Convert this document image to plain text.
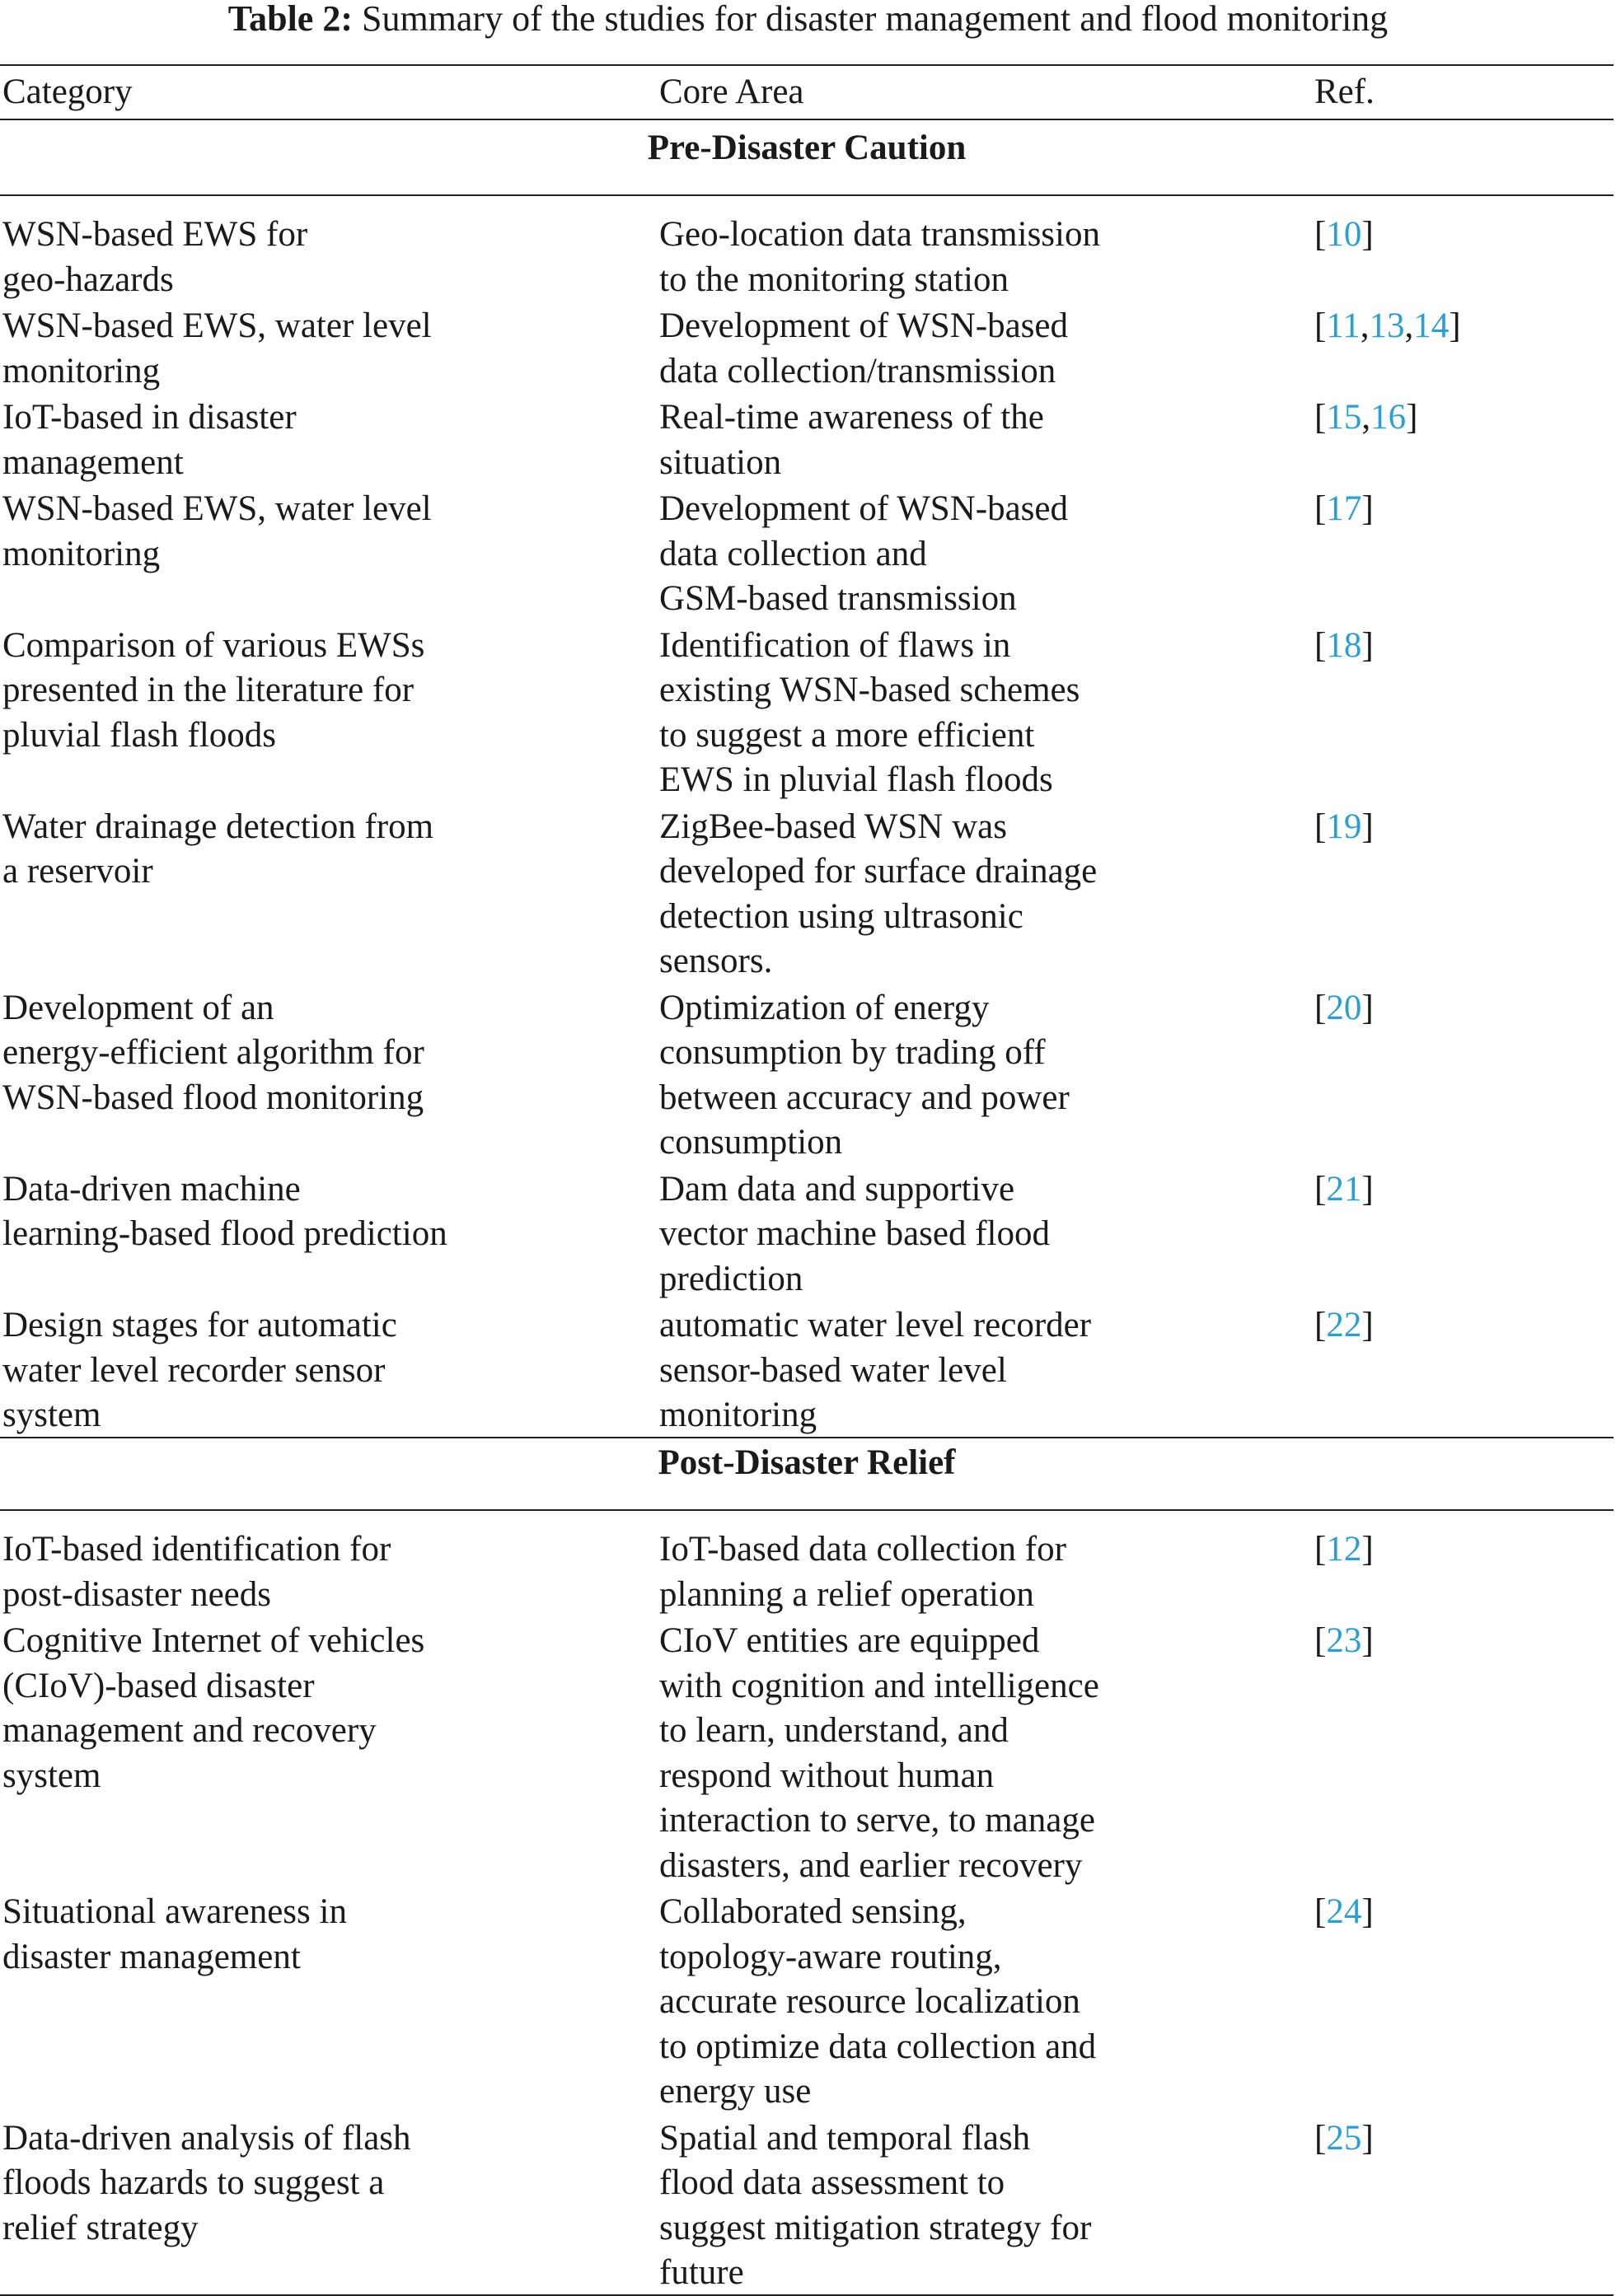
Table 2: Summary of the studies for disaster management and flood monitoring
Category	Core Area	Ref.
Pre-Disaster Caution
WSN-based EWS for
geo-hazards
Geo-location data transmission
to the monitoring station
[10]
WSN-based EWS, water level
monitoring
Development of WSN-based
data collection/transmission
[11,13,14]
IoT-based in disaster
management
Real-time awareness of the
situation
[15,16]
WSN-based EWS, water level
monitoring
Development of WSN-based
data collection and
GSM-based transmission
[17]
Comparison of various EWSs
presented in the literature for
pluvial flash floods
Identification of flaws in
existing WSN-based schemes
to suggest a more efficient
EWS in pluvial flash floods
[18]
Water drainage detection from
a reservoir
ZigBee-based WSN was
developed for surface drainage
detection using ultrasonic
sensors.
[19]
Development of an
energy-efficient algorithm for
WSN-based flood monitoring
Optimization of energy
consumption by trading off
between accuracy and power
consumption
[20]
Data-driven machine
learning-based flood prediction
Dam data and supportive
vector machine based flood
prediction
[21]
Design stages for automatic
water level recorder sensor
system
automatic water level recorder
sensor-based water level
monitoring
[22]
Post-Disaster Relief
IoT-based identification for
post-disaster needs
IoT-based data collection for
planning a relief operation
[12]
Cognitive Internet of vehicles
(CIoV)-based disaster
management and recovery
system
CIoV entities are equipped
with cognition and intelligence
to learn, understand, and
respond without human
interaction to serve, to manage
disasters, and earlier recovery
[23]
Situational awareness in
disaster management
Collaborated sensing,
topology-aware routing,
accurate resource localization
to optimize data collection and
energy use
[24]
Data-driven analysis of flash
floods hazards to suggest a
relief strategy
Spatial and temporal flash
flood data assessment to
suggest mitigation strategy for
future
[25]
